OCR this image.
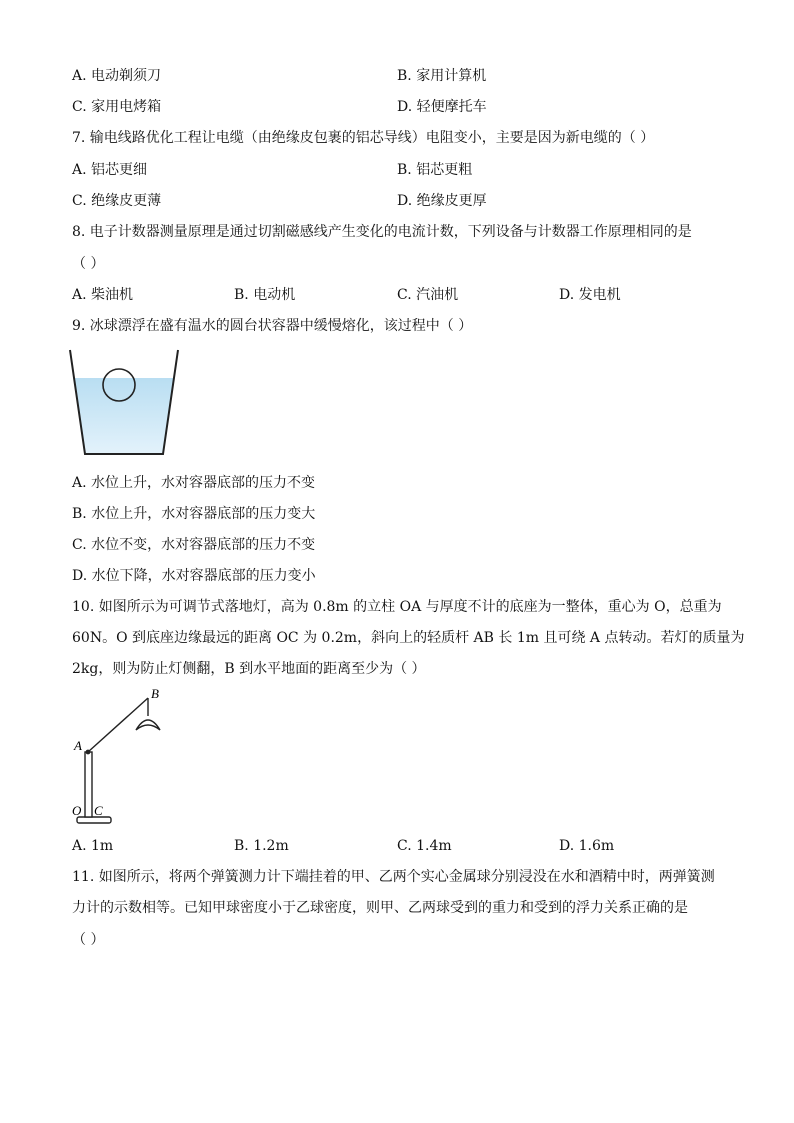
A. 电动剃须刀	B. 家用计算机
C. 家用电烤箱	D. 轻便摩托车
7. 输电线路优化工程让电缆（由绝缘皮包裹的铝芯导线）电阻变小，主要是因为新电缆的（ ）
A. 铝芯更细	B. 铝芯更粗
C. 绝缘皮更薄	D. 绝缘皮更厚
8. 电子计数器测量原理是通过切割磁感线产生变化的电流计数，下列设备与计数器工作原理相同的是
（ ）
A. 柴油机	B. 电动机	C. 汽油机	D. 发电机
9. 冰球漂浮在盛有温水的圆台状容器中缓慢熔化，该过程中（ ）
A. 水位上升，水对容器底部的压力不变
B. 水位上升，水对容器底部的压力变大
C. 水位不变，水对容器底部的压力不变
D. 水位下降，水对容器底部的压力变小
10. 如图所示为可调节式落地灯，高为 0.8m 的立柱 OA 与厚度不计的底座为一整体，重心为 O，总重为
60N。O 到底座边缘最远的距离 OC 为 0.2m，斜向上的轻质杆 AB 长 1m 且可绕 A 点转动。若灯的质量为
2kg，则为防止灯侧翻，B 到水平地面的距离至少为（ ）
A
B
O C
A. 1m	B. 1.2m	C. 1.4m	D. 1.6m
11. 如图所示，将两个弹簧测力计下端挂着的甲、乙两个实心金属球分别浸没在水和酒精中时，两弹簧测
力计的示数相等。已知甲球密度小于乙球密度，则甲、乙两球受到的重力和受到的浮力关系正确的是
（ ）
